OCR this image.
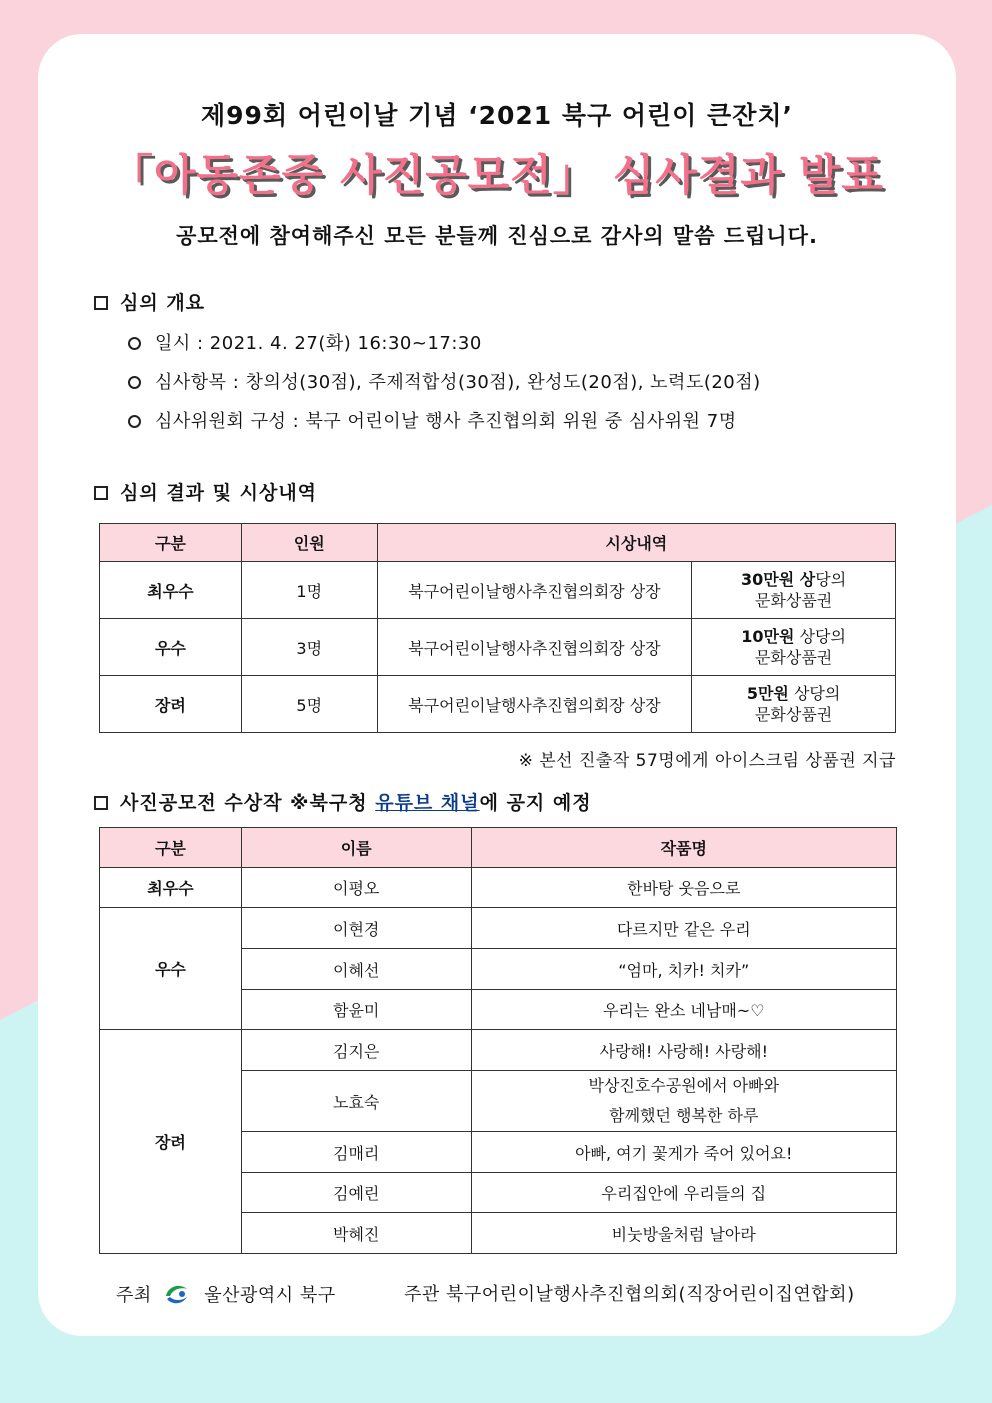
제99회 어린이날 기념 ‘2021 북구 어린이 큰잔치’
「아동존중 사진공모전」 심사결과 발표
공모전에 참여해주신 모든 분들께 진심으로 감사의 말씀 드립니다.
심의 개요
일시 : 2021. 4. 27(화) 16:30~17:30
심사항목 : 창의성(30점), 주제적합성(30점), 완성도(20점), 노력도(20점)
심사위원회 구성 : 북구 어린이날 행사 추진협의회 위원 중 심사위원 7명
심의 결과 및 시상내역
구분	인원	시상내역	
최우수	1명	북구어린이날행사추진협의회장 상장	30만원 상당의
문화상품권
우수	3명	북구어린이날행사추진협의회장 상장	10만원 상당의
문화상품권
장려	5명	북구어린이날행사추진협의회장 상장	5만원 상당의
문화상품권
※ 본선 진출작 57명에게 아이스크림 상품권 지급
사진공모전 수상작 ※북구청 유튜브 채널에 공지 예정
구분	이름	작품명
최우수	이평오	한바탕 웃음으로
우수	이현경	다르지만 같은 우리
	이혜선	“엄마, 치카! 치카”
	함윤미	우리는 완소 네남매~♡
장려	김지은	사랑해! 사랑해! 사랑해!
	노효숙	박상진호수공원에서 아빠와
함께했던 행복한 하루
	김매리	아빠, 여기 꽃게가 죽어 있어요!
	김예린	우리집안에 우리들의 집
	박혜진	비눗방울처럼 날아라
주최	울산광역시 북구	주관 북구어린이날행사추진협의회(직장어린이집연합회)
